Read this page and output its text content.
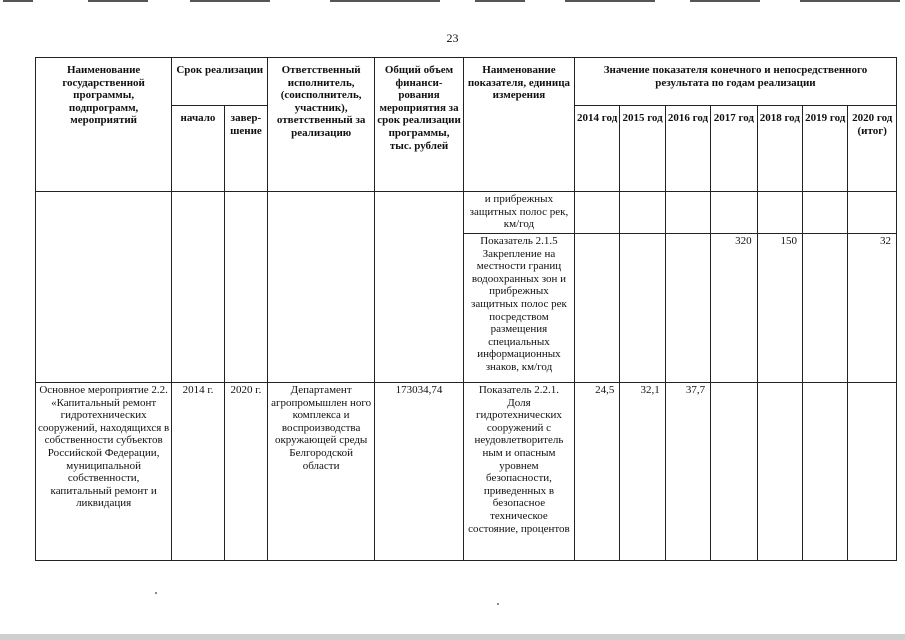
23
Наименование государственной программы, подпрограмм, мероприятий	Срок реализации		Ответственный исполнитель, (соисполнитель, участник), ответственный за реализацию	Общий объем финанси-рования мероприятия за срок реализации программы, тыс. рублей	Наименование показателя, единица измерения	Значение показателя конечного и непосредственного результата по годам реализации						
	начало	завер-шение				2014 год	2015 год	2016 год	2017 год	2018 год	2019 год	2020 год (итог)
					и прибрежных защитных полос рек, км/год							
					Показатель 2.1.5 Закрепление на местности границ водоохранных зон и прибрежных защитных полос рек посредством размещения специальных информационных знаков, км/год				320	150		32
Основное мероприятие 2.2. «Капитальный ремонт гидротехнических сооружений, находящихся в собственности субъектов Российской Федерации, муниципальной собственности, капитальный ремонт и ликвидация	2014 г.	2020 г.	Департамент агропромышлен ного комплекса и воспроизводства окружающей среды Белгородской области	173034,74	Показатель 2.2.1. Доля гидротехнических сооружений с неудовлетворитель ным и опасным уровнем безопасности, приведенных в безопасное техническое состояние, процентов	24,5	32,1	37,7				
